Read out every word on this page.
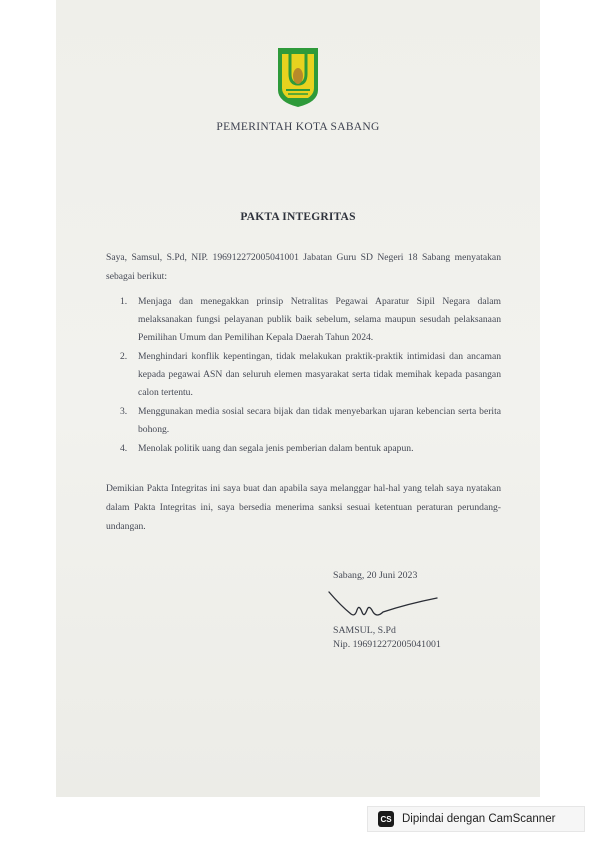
PEMERINTAH KOTA SABANG
PAKTA INTEGRITAS
Saya, Samsul, S.Pd, NIP. 196912272005041001 Jabatan Guru SD Negeri 18 Sabang menyatakan sebagai berikut:
1. Menjaga dan menegakkan prinsip Netralitas Pegawai Aparatur Sipil Negara dalam melaksanakan fungsi pelayanan publik baik sebelum, selama maupun sesudah pelaksanaan Pemilihan Umum dan Pemilihan Kepala Daerah Tahun 2024.
2. Menghindari konflik kepentingan, tidak melakukan praktik-praktik intimidasi dan ancaman kepada pegawai ASN dan seluruh elemen masyarakat serta tidak memihak kepada pasangan calon tertentu.
3. Menggunakan media sosial secara bijak dan tidak menyebarkan ujaran kebencian serta berita bohong.
4. Menolak politik uang dan segala jenis pemberian dalam bentuk apapun.
Demikian Pakta Integritas ini saya buat dan apabila saya melanggar hal-hal yang telah saya nyatakan dalam Pakta Integritas ini, saya bersedia menerima sanksi sesuai ketentuan peraturan perundang-undangan.
Sabang, 20 Juni 2023
SAMSUL, S.Pd
Nip. 196912272005041001
CS Dipindai dengan CamScanner
